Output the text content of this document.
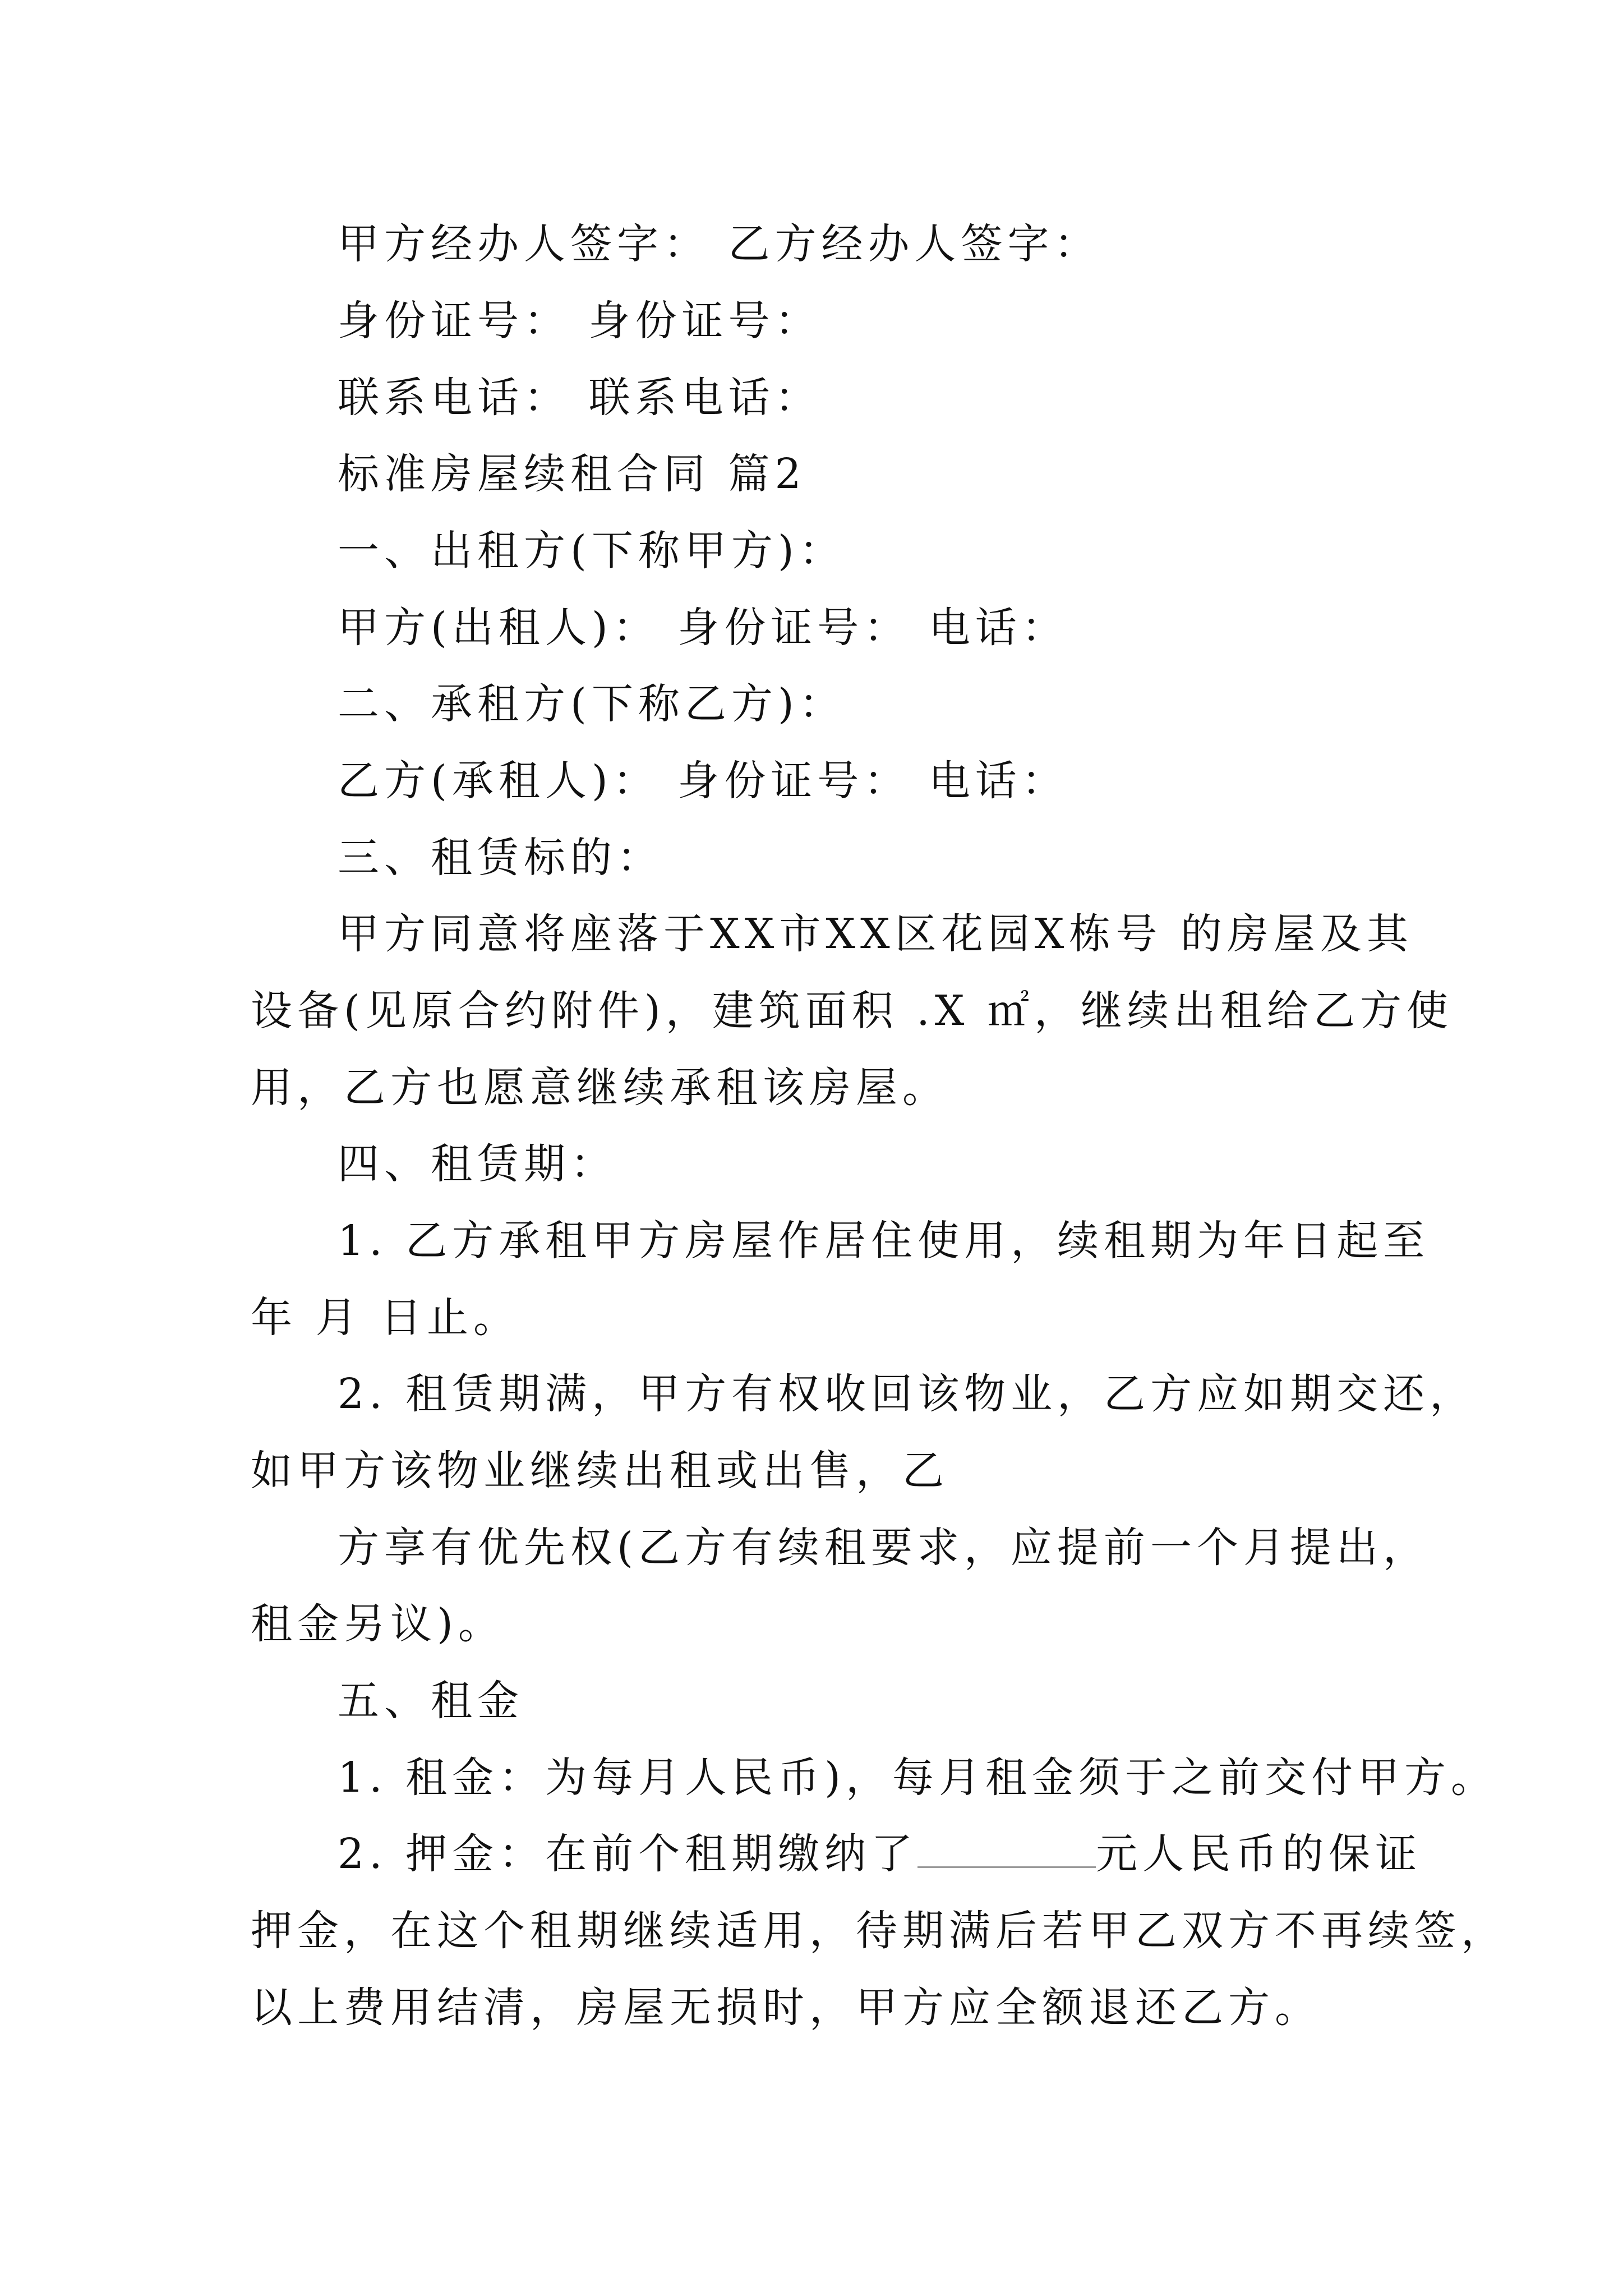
甲方经办人签字： 乙方经办人签字：
身份证号： 身份证号：
联系电话： 联系电话：
标准房屋续租合同 篇2
一、出租方(下称甲方)：
甲方(出租人)： 身份证号： 电话：
二、承租方(下称乙方)：
乙方(承租人)： 身份证号： 电话：
三、租赁标的：
甲方同意将座落于XX市XX区花园X栋号 的房屋及其
设备(见原合约附件)，建筑面积 .X ㎡，继续出租给乙方使
用，乙方也愿意继续承租该房屋。
四、租赁期：
1. 乙方承租甲方房屋作居住使用，续租期为年日起至
年 月 日止。
2. 租赁期满，甲方有权收回该物业，乙方应如期交还，
如甲方该物业继续出租或出售，乙
方享有优先权(乙方有续租要求，应提前一个月提出，
租金另议)。
五、租金
1. 租金：为每月人民币)，每月租金须于之前交付甲方。
2. 押金：在前个租期缴纳了	元人民币的保证
押金，在这个租期继续适用，待期满后若甲乙双方不再续签，
以上费用结清，房屋无损时，甲方应全额退还乙方。
